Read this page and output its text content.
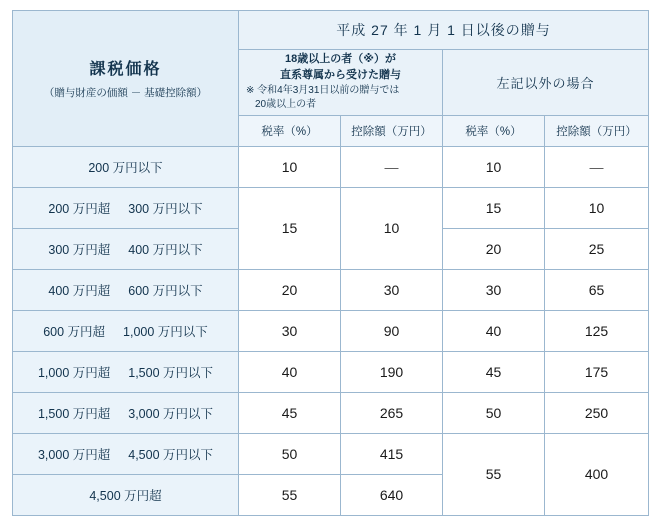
課税価格
（贈与財産の価額 － 基礎控除額）	平成 27 年 1 月 1 日以後の贈与			
	18歳以上の者（※）が
直系尊属から受けた贈与

※ 令和4年3月31日以前の贈与では
20歳以上の者		左記以外の場合	
	税率（%）	控除額（万円）	税率（%）	控除額（万円）
200 万円以下	10	—	10	—
200 万円超 300 万円以下	15	10	15	10
300 万円超 400 万円以下			20	25
400 万円超 600 万円以下	20	30	30	65
600 万円超 1,000 万円以下	30	90	40	125
1,000 万円超 1,500 万円以下	40	190	45	175
1,500 万円超 3,000 万円以下	45	265	50	250
3,000 万円超 4,500 万円以下	50	415	55	400
4,500 万円超	55	640		
